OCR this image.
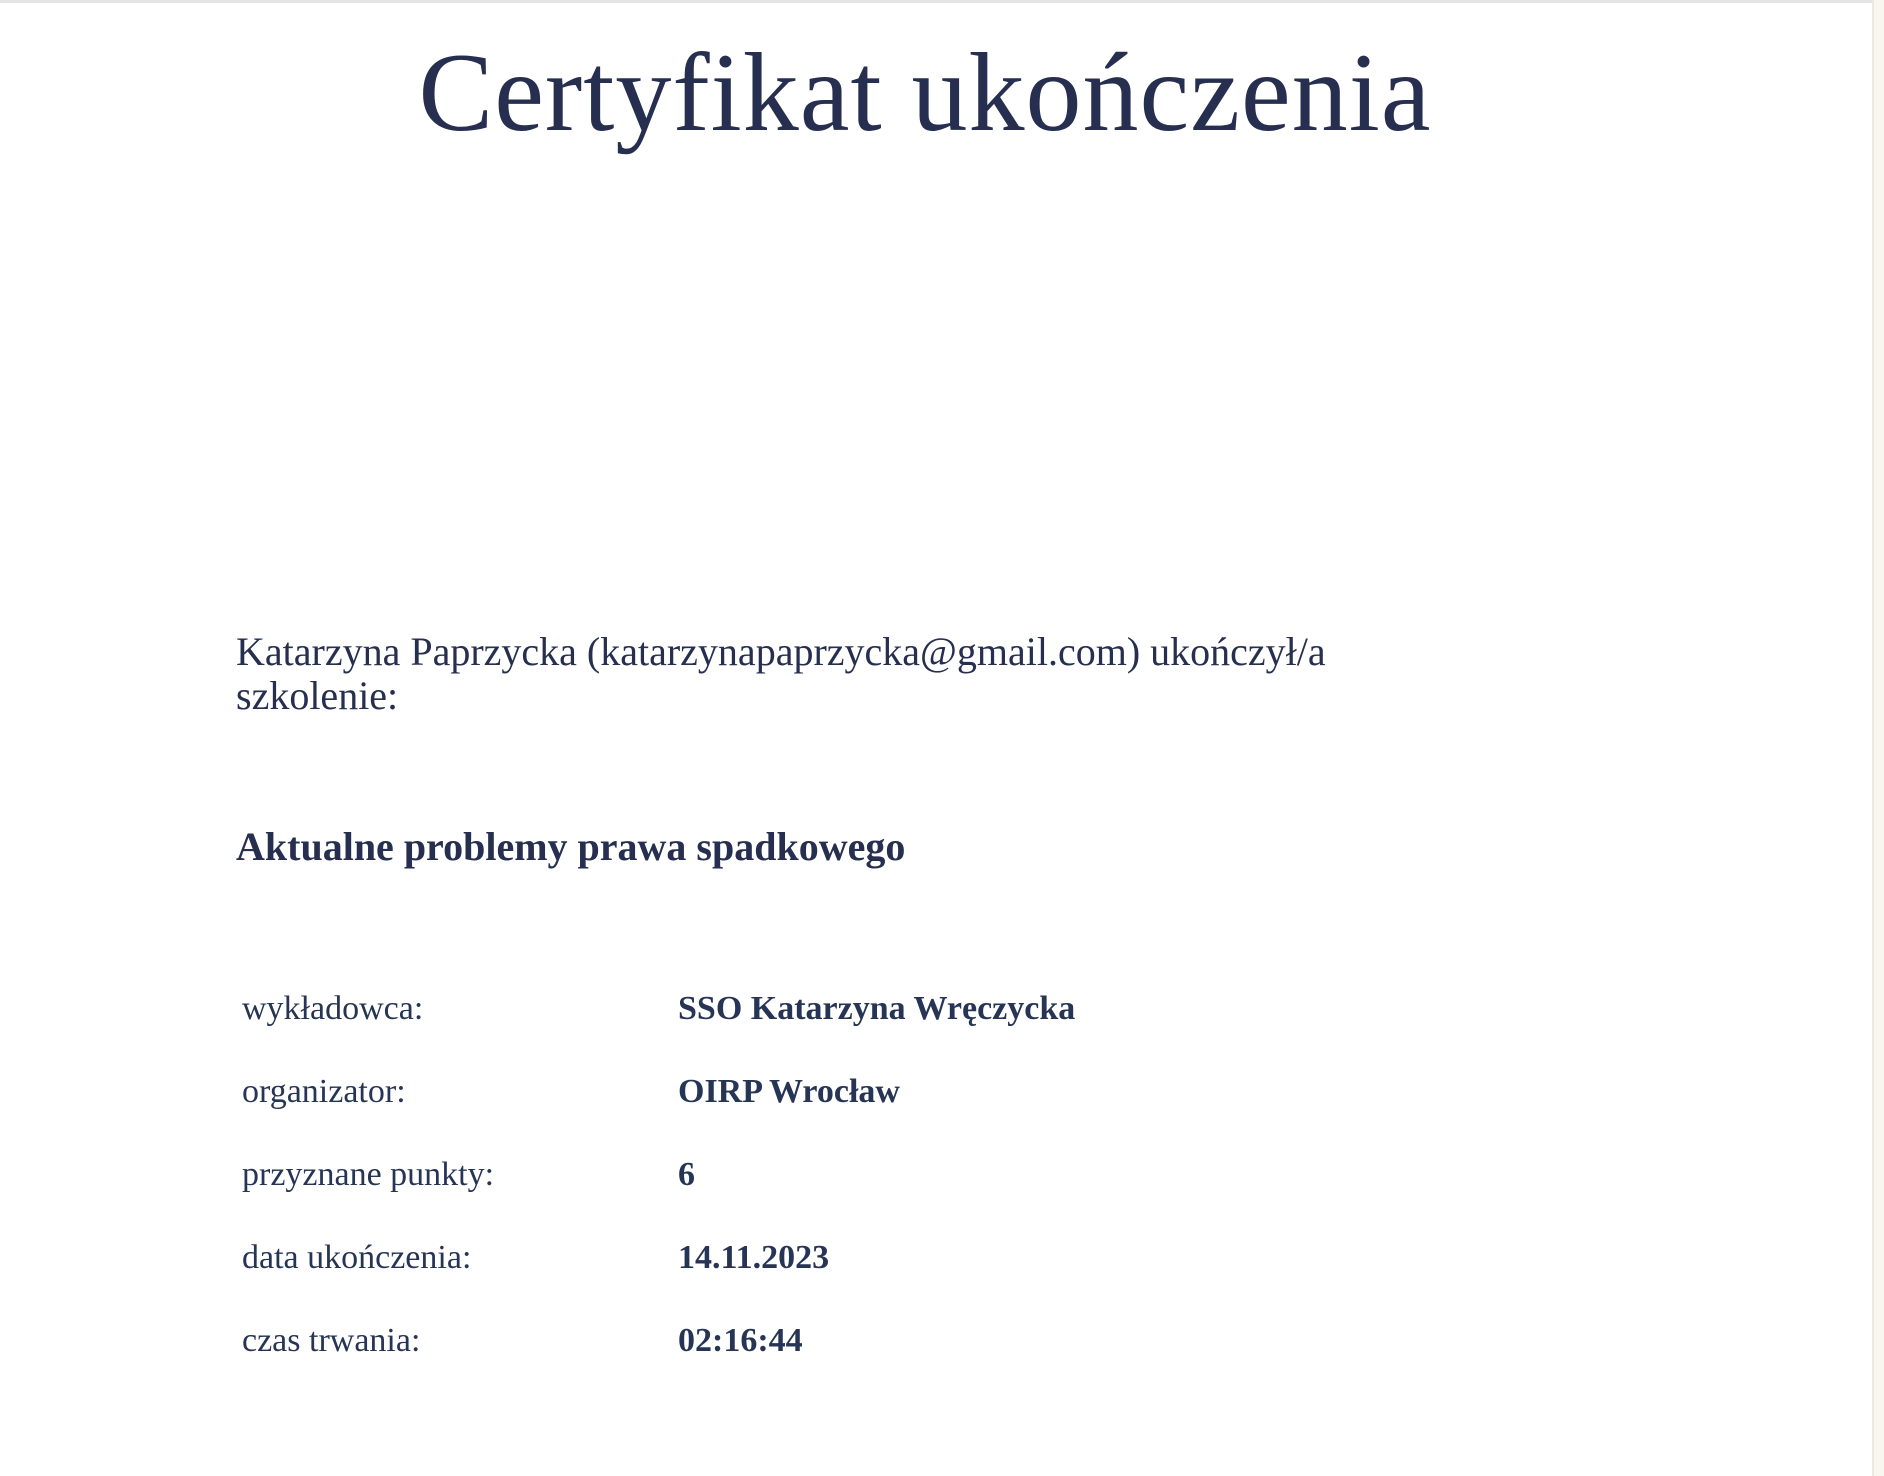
Certyfikat ukończenia

Katarzyna Paprzycka (katarzynapaprzycka@gmail.com) ukończył/a szkolenie:

Aktualne problemy prawa spadkowego

wykładowca:	SSO Katarzyna Wręczycka
organizator:	OIRP Wrocław
przyznane punkty:	6
data ukończenia:	14.11.2023
czas trwania:	02:16:44
